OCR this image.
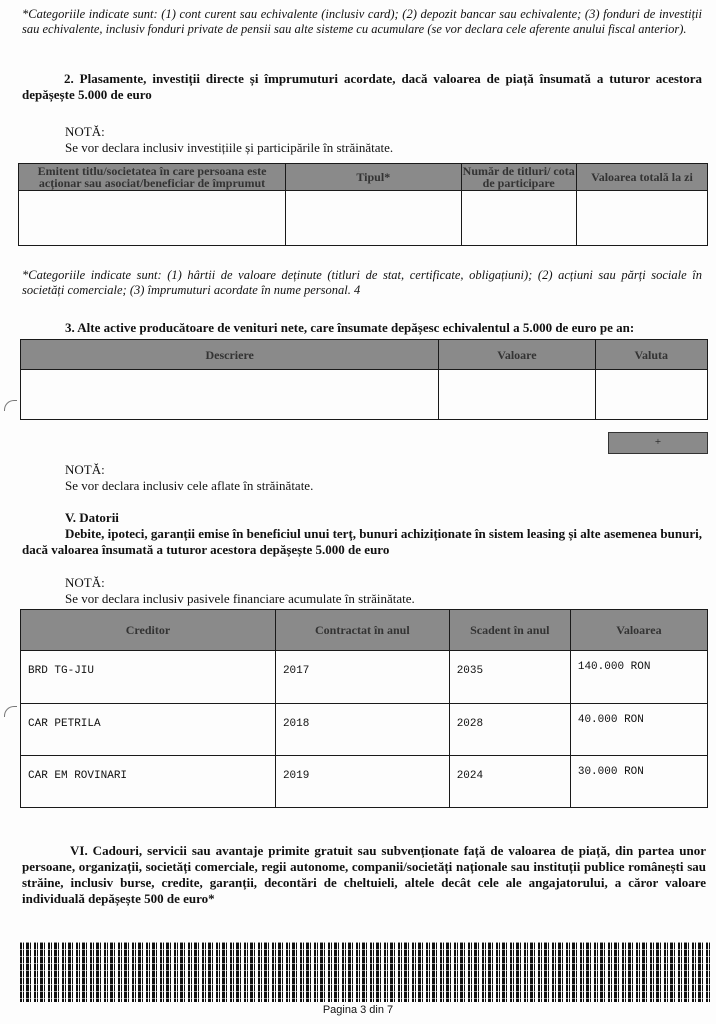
*Categoriile indicate sunt: (1) cont curent sau echivalente (inclusiv card); (2) depozit bancar sau echivalente; (3) fonduri de investiții sau echivalente, inclusiv fonduri private de pensii sau alte sisteme cu acumulare (se vor declara cele aferente anului fiscal anterior).
2. Plasamente, investiții directe și împrumuturi acordate, dacă valoarea de piață însumată a tuturor acestora depășește 5.000 de euro
NOTĂ:
Se vor declara inclusiv investițiile și participările în străinătate.
Emitent titlu/societatea în care persoana este acționar sau asociat/beneficiar de împrumut	Tipul*	Număr de titluri/ cota de participare	Valoarea totală la zi

*Categoriile indicate sunt: (1) hârtii de valoare deținute (titluri de stat, certificate, obligațiuni); (2) acțiuni sau părți sociale în societăți comerciale; (3) împrumuturi acordate în nume personal. 4
3. Alte active producătoare de venituri nete, care însumate depășesc echivalentul a 5.000 de euro pe an:
Descriere	Valoare	Valuta

+
NOTĂ:
Se vor declara inclusiv cele aflate în străinătate.
V. Datorii
Debite, ipoteci, garanții emise în beneficiul unui terț, bunuri achiziționate în sistem leasing și alte asemenea bunuri, dacă valoarea însumată a tuturor acestora depășește 5.000 de euro
NOTĂ:
Se vor declara inclusiv pasivele financiare acumulate în străinătate.
Creditor	Contractat în anul	Scadent în anul	Valoarea
BRD TG-JIU	2017	2035	140.000 RON
CAR PETRILA	2018	2028	40.000 RON
CAR EM ROVINARI	2019	2024	30.000 RON
VI. Cadouri, servicii sau avantaje primite gratuit sau subvenționate față de valoarea de piață, din partea unor persoane, organizații, societăți comerciale, regii autonome, companii/societăți naționale sau instituții publice românești sau străine, inclusiv burse, credite, garanții, decontări de cheltuieli, altele decât cele ale angajatorului, a căror valoare individuală depășește 500 de euro*
Pagina 3 din 7
